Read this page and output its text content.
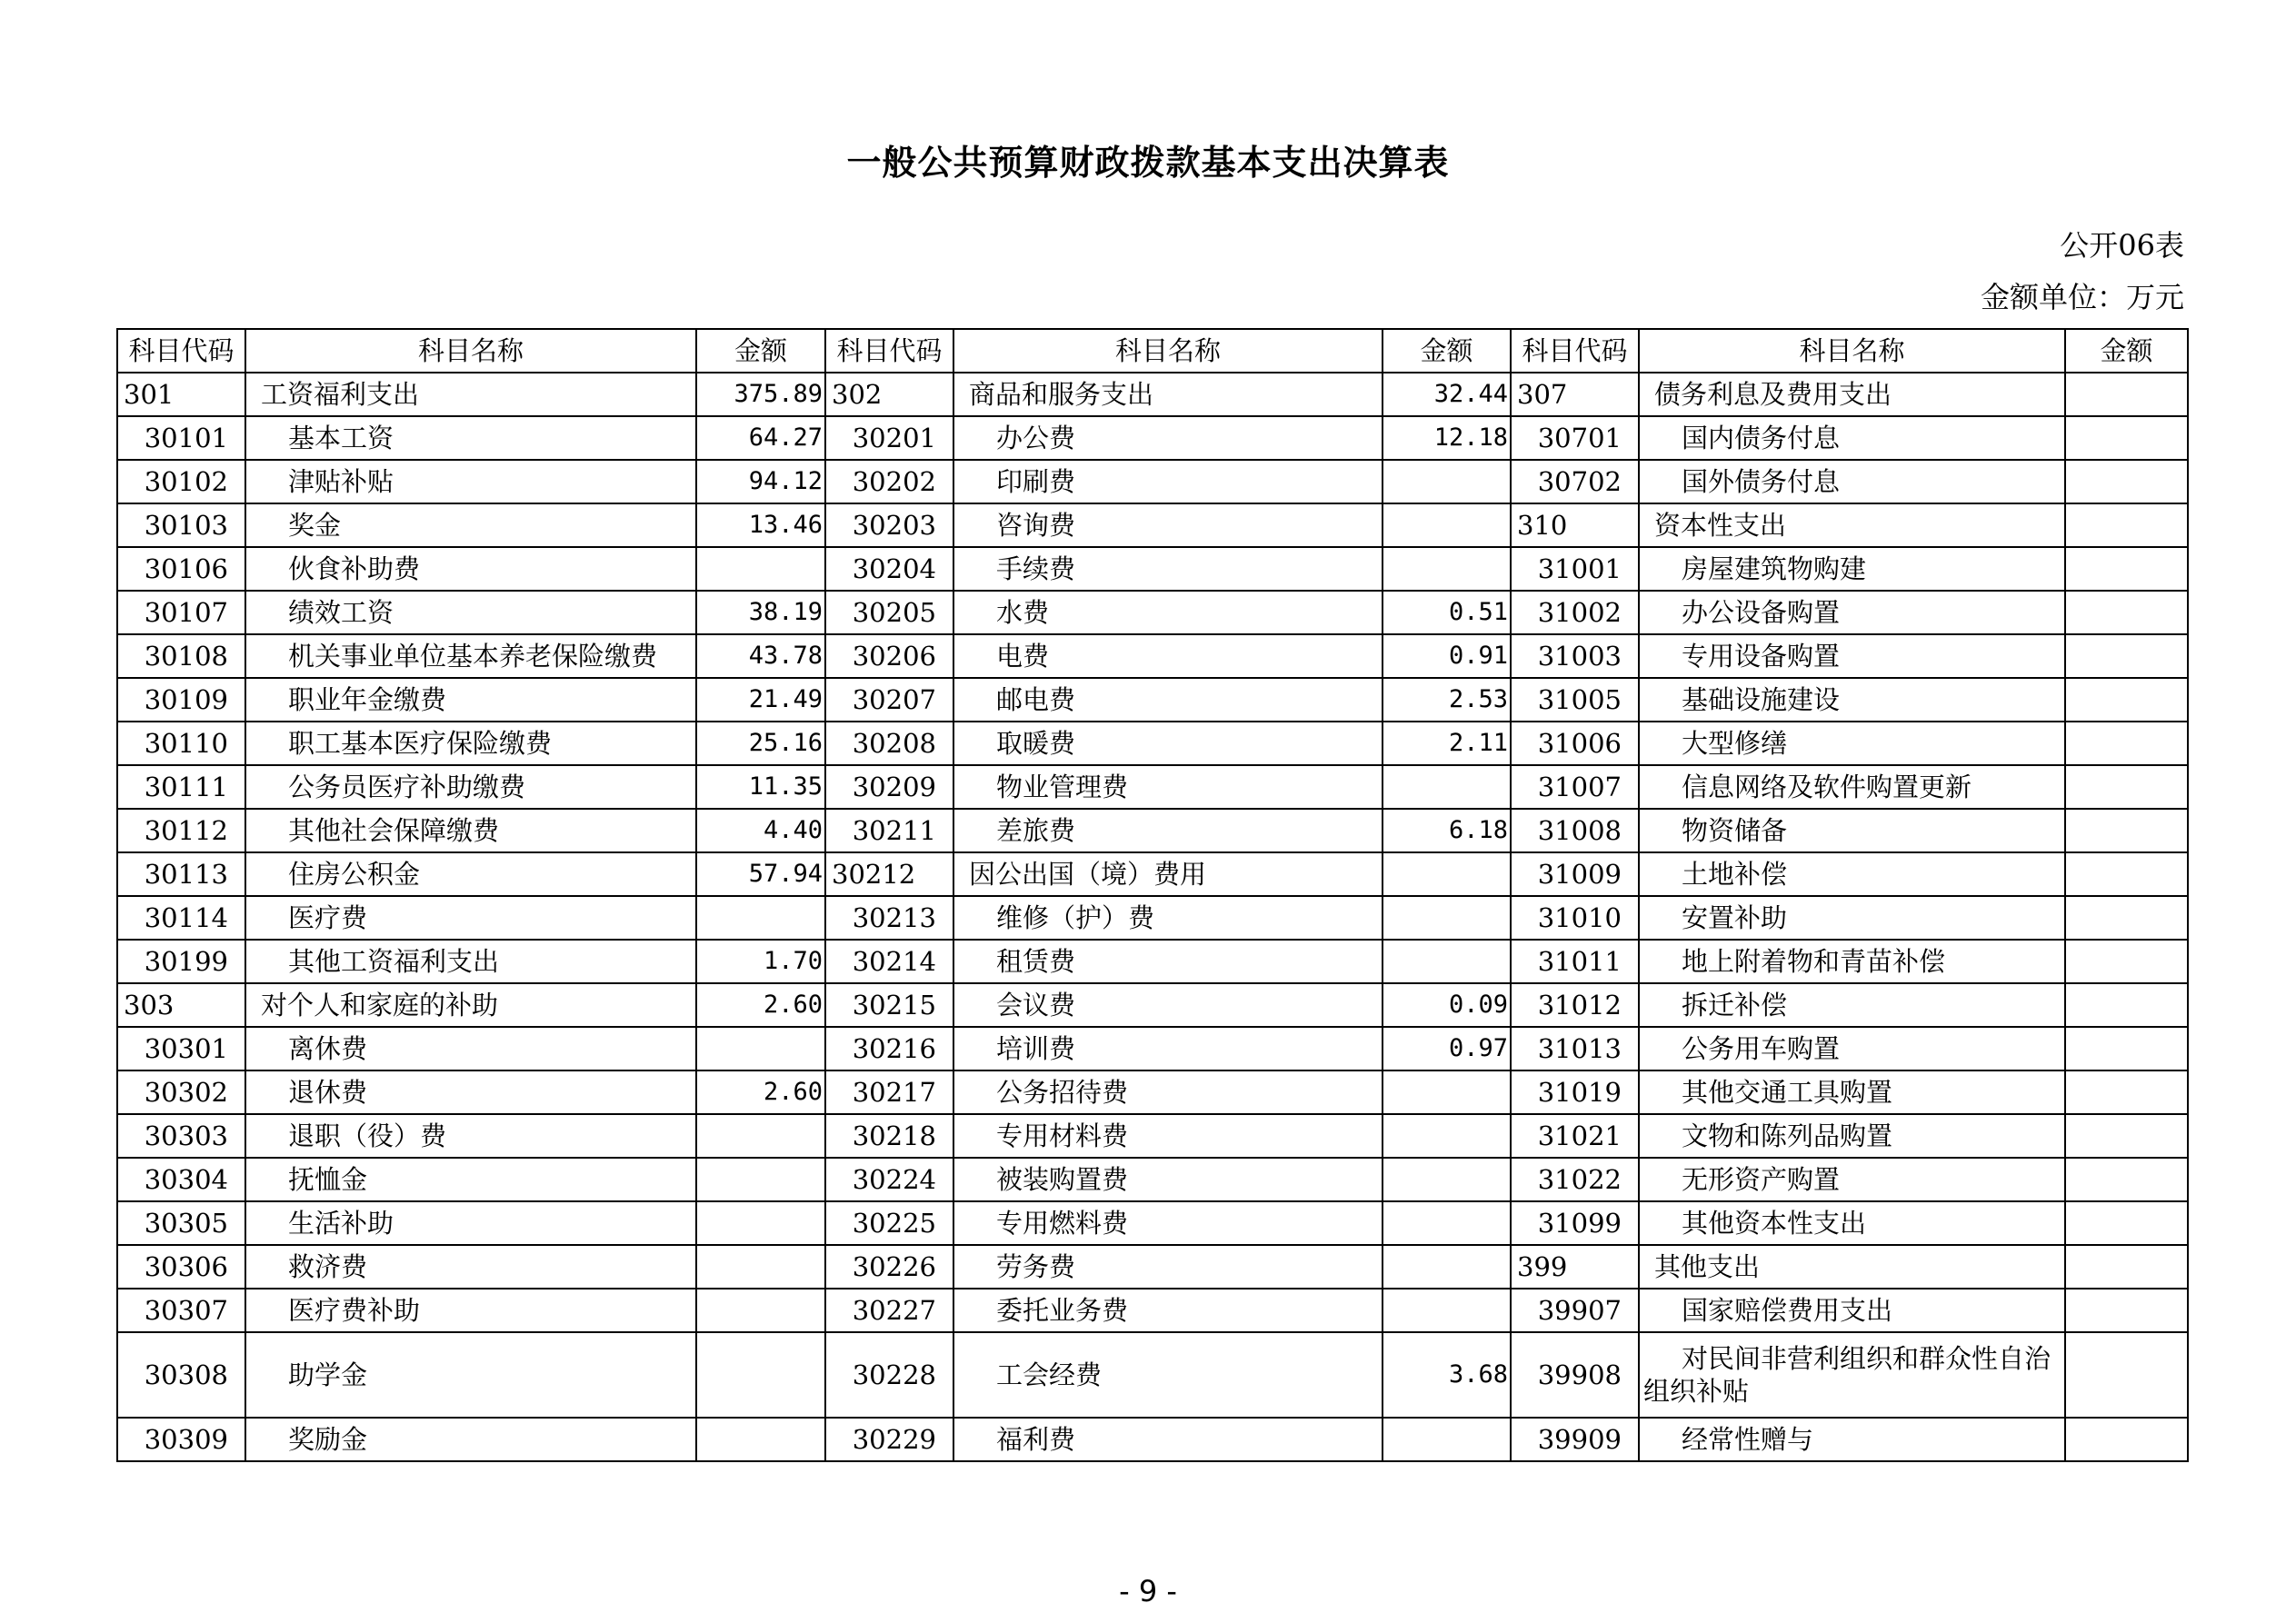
一般公共预算财政拨款基本支出决算表
公开06表
金额单位：万元
科目代码	科目名称	金额	科目代码	科目名称	金额	科目代码	科目名称	金额
301	工资福利支出	375.89	302	商品和服务支出	32.44	307	债务利息及费用支出	
30101	基本工资	64.27	30201	办公费	12.18	30701	国内债务付息	
30102	津贴补贴	94.12	30202	印刷费		30702	国外债务付息	
30103	奖金	13.46	30203	咨询费		310	资本性支出	
30106	伙食补助费		30204	手续费		31001	房屋建筑物购建	
30107	绩效工资	38.19	30205	水费	0.51	31002	办公设备购置	
30108	机关事业单位基本养老保险缴费	43.78	30206	电费	0.91	31003	专用设备购置	
30109	职业年金缴费	21.49	30207	邮电费	2.53	31005	基础设施建设	
30110	职工基本医疗保险缴费	25.16	30208	取暖费	2.11	31006	大型修缮	
30111	公务员医疗补助缴费	11.35	30209	物业管理费		31007	信息网络及软件购置更新	
30112	其他社会保障缴费	4.40	30211	差旅费	6.18	31008	物资储备	
30113	住房公积金	57.94	30212	因公出国（境）费用		31009	土地补偿	
30114	医疗费		30213	维修（护）费		31010	安置补助	
30199	其他工资福利支出	1.70	30214	租赁费		31011	地上附着物和青苗补偿	
303	对个人和家庭的补助	2.60	30215	会议费	0.09	31012	拆迁补偿	
30301	离休费		30216	培训费	0.97	31013	公务用车购置	
30302	退休费	2.60	30217	公务招待费		31019	其他交通工具购置	
30303	退职（役）费		30218	专用材料费		31021	文物和陈列品购置	
30304	抚恤金		30224	被装购置费		31022	无形资产购置	
30305	生活补助		30225	专用燃料费		31099	其他资本性支出	
30306	救济费		30226	劳务费		399	其他支出	
30307	医疗费补助		30227	委托业务费		39907	国家赔偿费用支出	
30308	助学金		30228	工会经费	3.68	39908	对民间非营利组织和群众性自治组织补贴	
30309	奖励金		30229	福利费		39909	经常性赠与	
- 9 -
